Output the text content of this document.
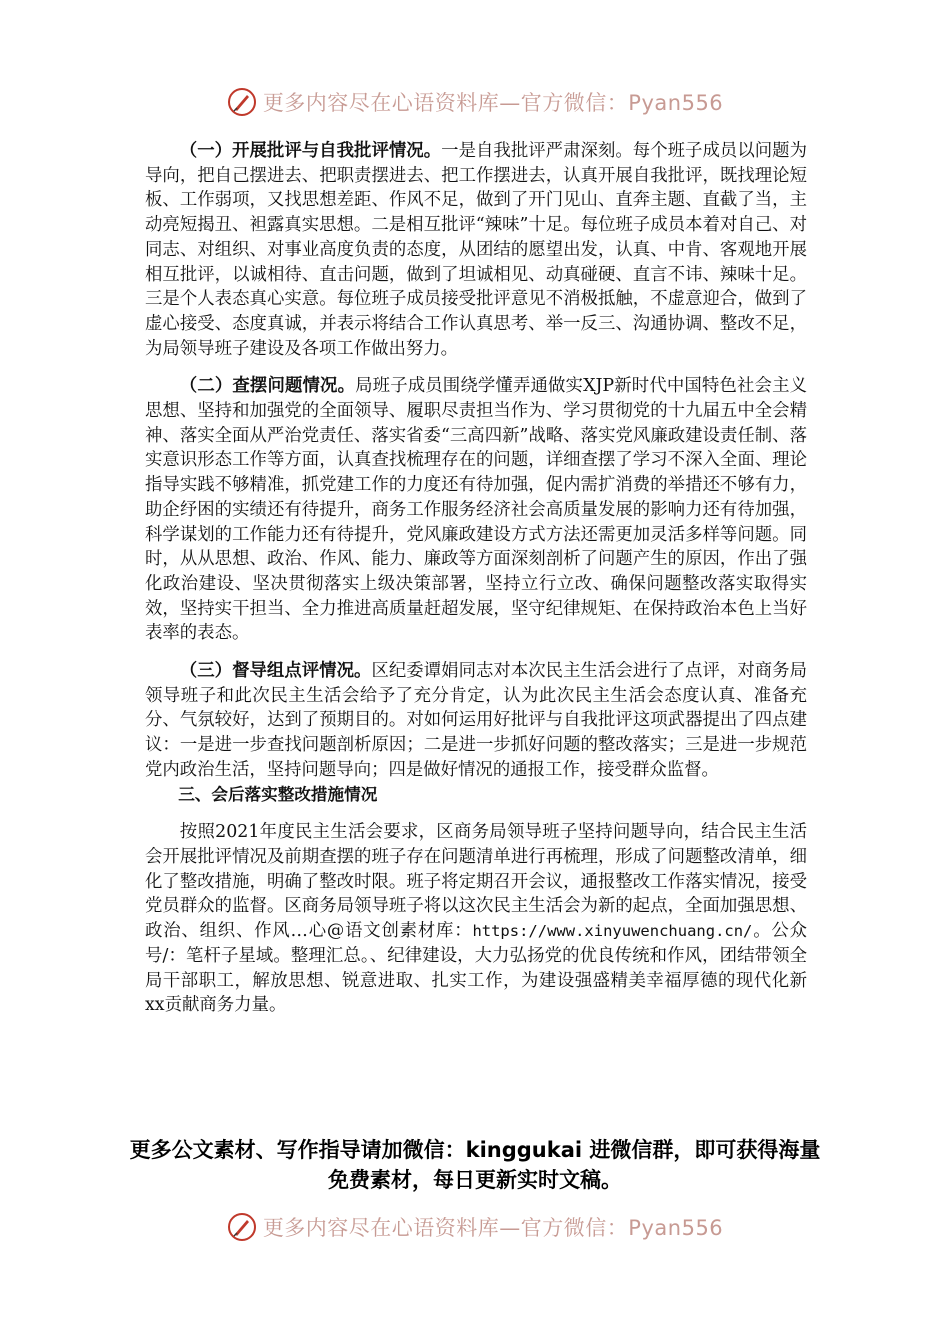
更多内容尽在心语资料库—官方微信：Pyan556

（一）开展批评与自我批评情况。一是自我批评严肃深刻。每个班子成员以问题为导向，把自己摆进去、把职责摆进去、把工作摆进去，认真开展自我批评，既找理论短板、工作弱项，又找思想差距、作风不足，做到了开门见山、直奔主题、直截了当，主动亮短揭丑、袒露真实思想。二是相互批评“辣味”十足。每位班子成员本着对自己、对同志、对组织、对事业高度负责的态度，从团结的愿望出发，认真、中肯、客观地开展相互批评，以诚相待、直击问题，做到了坦诚相见、动真碰硬、直言不讳、辣味十足。三是个人表态真心实意。每位班子成员接受批评意见不消极抵触，不虚意迎合，做到了虚心接受、态度真诚，并表示将结合工作认真思考、举一反三、沟通协调、整改不足，为局领导班子建设及各项工作做出努力。

（二）查摆问题情况。局班子成员围绕学懂弄通做实XJP新时代中国特色社会主义思想、坚持和加强党的全面领导、履职尽责担当作为、学习贯彻党的十九届五中全会精神、落实全面从严治党责任、落实省委“三高四新”战略、落实党风廉政建设责任制、落实意识形态工作等方面，认真查找梳理存在的问题，详细查摆了学习不深入全面、理论指导实践不够精准，抓党建工作的力度还有待加强，促内需扩消费的举措还不够有力，助企纾困的实绩还有待提升，商务工作服务经济社会高质量发展的影响力还有待加强，科学谋划的工作能力还有待提升，党风廉政建设方式方法还需更加灵活多样等问题。同时，从从思想、政治、作风、能力、廉政等方面深刻剖析了问题产生的原因，作出了强化政治建设、坚决贯彻落实上级决策部署，坚持立行立改、确保问题整改落实取得实效，坚持实干担当、全力推进高质量赶超发展，坚守纪律规矩、在保持政治本色上当好表率的表态。

（三）督导组点评情况。区纪委谭娟同志对本次民主生活会进行了点评，对商务局领导班子和此次民主生活会给予了充分肯定，认为此次民主生活会态度认真、准备充分、气氛较好，达到了预期目的。对如何运用好批评与自我批评这项武器提出了四点建议：一是进一步查找问题剖析原因；二是进一步抓好问题的整改落实；三是进一步规范党内政治生活，坚持问题导向；四是做好情况的通报工作，接受群众监督。

三、会后落实整改措施情况

按照2021年度民主生活会要求，区商务局领导班子坚持问题导向，结合民主生活会开展批评情况及前期查摆的班子存在问题清单进行再梳理，形成了问题整改清单，细化了整改措施，明确了整改时限。班子将定期召开会议，通报整改工作落实情况，接受党员群众的监督。区商务局领导班子将以这次民主生活会为新的起点，全面加强思想、政治、组织、作风…心@语文创素材库：https://www.xinyuwenchuang.cn/。公众号/：笔杆子星域。整理汇总。、纪律建设，大力弘扬党的优良传统和作风，团结带领全局干部职工，解放思想、锐意进取、扎实工作，为建设强盛精美幸福厚德的现代化新xx贡献商务力量。

更多公文素材、写作指导请加微信：kinggukai 进微信群，即可获得海量免费素材，每日更新实时文稿。

更多内容尽在心语资料库—官方微信：Pyan556
